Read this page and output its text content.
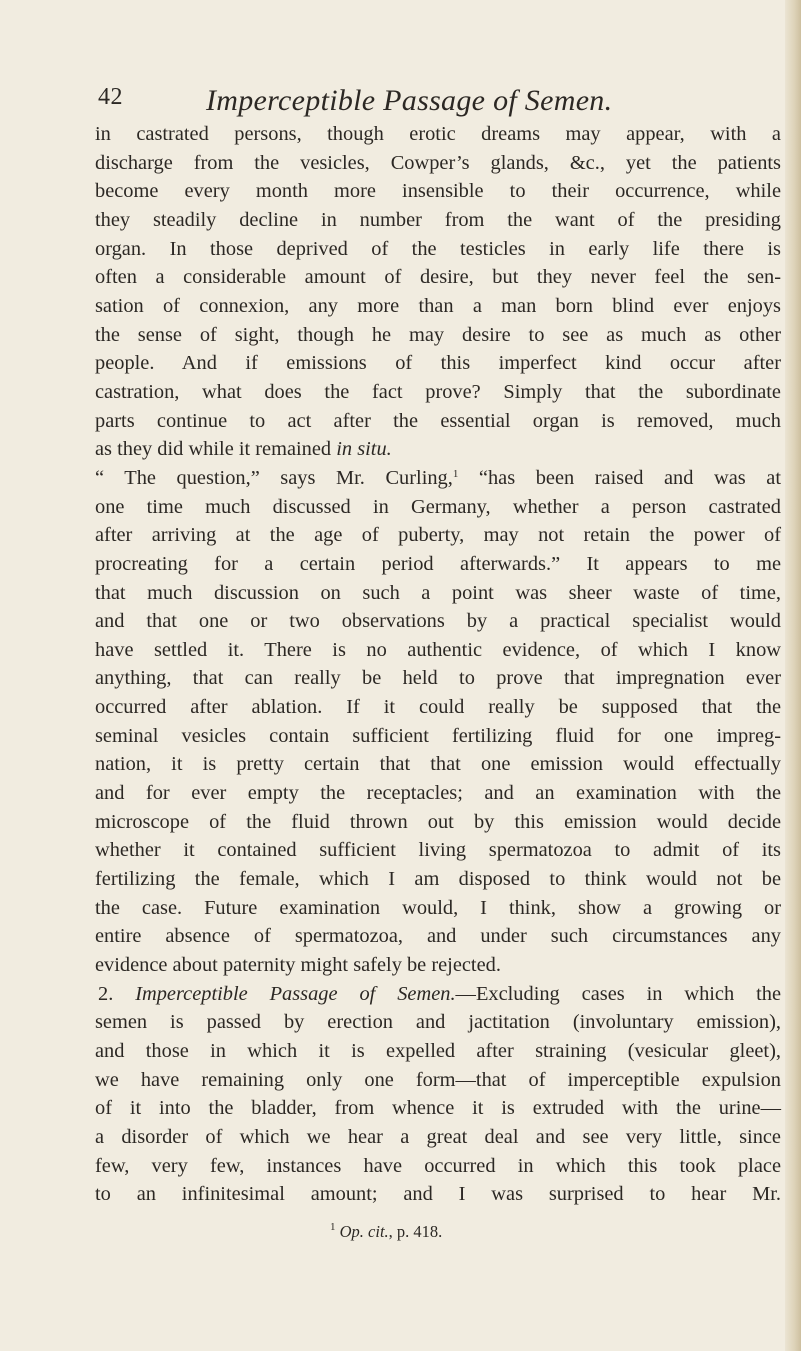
42	Imperceptible Passage of Semen.
in castrated persons, though erotic dreams may appear, with a
discharge from the vesicles, Cowper’s glands, &c., yet the patients
become every month more insensible to their occurrence, while
they steadily decline in number from the want of the presiding
organ. In those deprived of the testicles in early life there is
often a considerable amount of desire, but they never feel the sen-
sation of connexion, any more than a man born blind ever enjoys
the sense of sight, though he may desire to see as much as other
people. And if emissions of this imperfect kind occur after
castration, what does the fact prove? Simply that the subordinate
parts continue to act after the essential organ is removed, much
as they did while it remained in situ.
“ The question,” says Mr. Curling,$^1$ “has been raised and was at
one time much discussed in Germany, whether a person castrated
after arriving at the age of puberty, may not retain the power of
procreating for a certain period afterwards.” It appears to me
that much discussion on such a point was sheer waste of time,
and that one or two observations by a practical specialist would
have settled it. There is no authentic evidence, of which I know
anything, that can really be held to prove that impregnation ever
occurred after ablation. If it could really be supposed that the
seminal vesicles contain sufficient fertilizing fluid for one impreg-
nation, it is pretty certain that that one emission would effectually
and for ever empty the receptacles; and an examination with the
microscope of the fluid thrown out by this emission would decide
whether it contained sufficient living spermatozoa to admit of its
fertilizing the female, which I am disposed to think would not be
the case. Future examination would, I think, show a growing or
entire absence of spermatozoa, and under such circumstances any
evidence about paternity might safely be rejected.
2. Imperceptible Passage of Semen.—Excluding cases in which the
semen is passed by erection and jactitation (involuntary emission),
and those in which it is expelled after straining (vesicular gleet),
we have remaining only one form—that of imperceptible expulsion
of it into the bladder, from whence it is extruded with the urine—
a disorder of which we hear a great deal and see very little, since
few, very few, instances have occurred in which this took place
to an infinitesimal amount; and I was surprised to hear Mr.
$^1$ Op. cit., p. 418.
